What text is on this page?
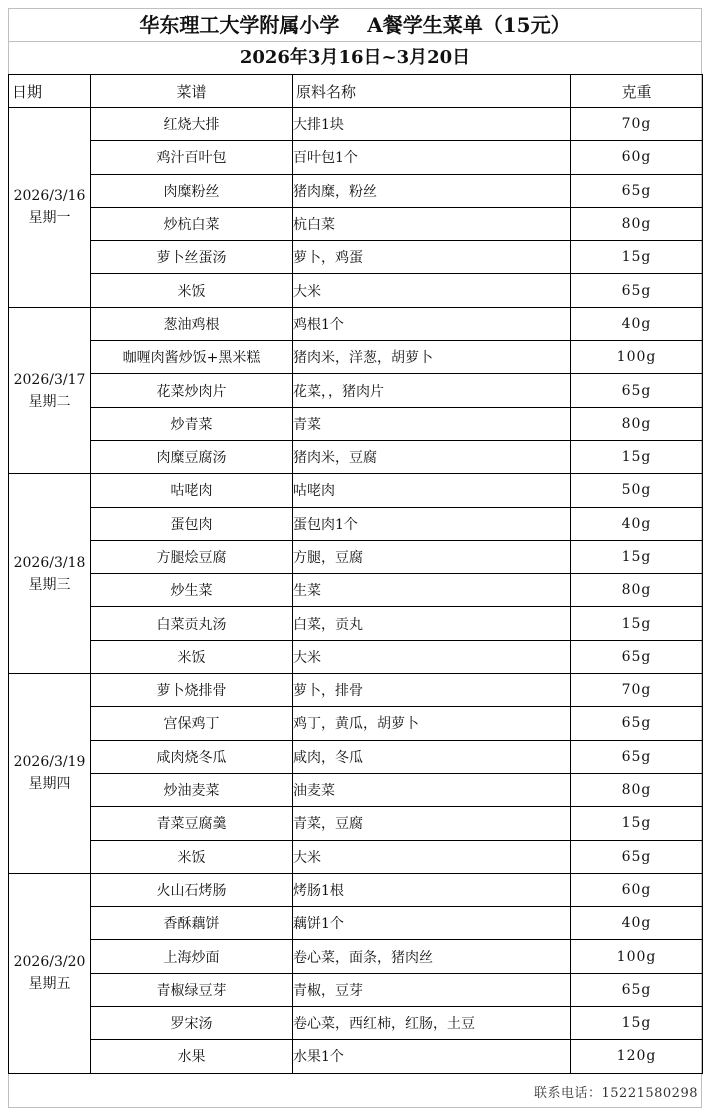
华东理工大学附属小学    A餐学生菜单（15元）
2026年3月16日~3月20日
日期	菜谱	原料名称	克重

2026/3/16
星期一	红烧大排	大排1块	70g
	鸡汁百叶包	百叶包1个	60g
	肉糜粉丝	猪肉糜，粉丝	65g
	炒杭白菜	杭白菜	80g
	萝卜丝蛋汤	萝卜，鸡蛋	15g
	米饭	大米	65g

2026/3/17
星期二	葱油鸡根	鸡根1个	40g
	咖喱肉酱炒饭+黑米糕	猪肉米，洋葱，胡萝卜	100g
	花菜炒肉片	花菜，，猪肉片	65g
	炒青菜	青菜	80g
	肉糜豆腐汤	猪肉米，豆腐	15g

2026/3/18
星期三	咕咾肉	咕咾肉	50g
	蛋包肉	蛋包肉1个	40g
	方腿烩豆腐	方腿，豆腐	15g
	炒生菜	生菜	80g
	白菜贡丸汤	白菜，贡丸	15g
	米饭	大米	65g

2026/3/19
星期四	萝卜烧排骨	萝卜，排骨	70g
	宫保鸡丁	鸡丁，黄瓜，胡萝卜	65g
	咸肉烧冬瓜	咸肉，冬瓜	65g
	炒油麦菜	油麦菜	80g
	青菜豆腐羹	青菜，豆腐	15g
	米饭	大米	65g

2026/3/20
星期五	火山石烤肠	烤肠1根	60g
	香酥藕饼	藕饼1个	40g
	上海炒面	卷心菜，面条，猪肉丝	100g
	青椒绿豆芽	青椒，豆芽	65g
	罗宋汤	卷心菜，西红柿，红肠，土豆	15g
	水果	水果1个	120g
联系电话：15221580298
